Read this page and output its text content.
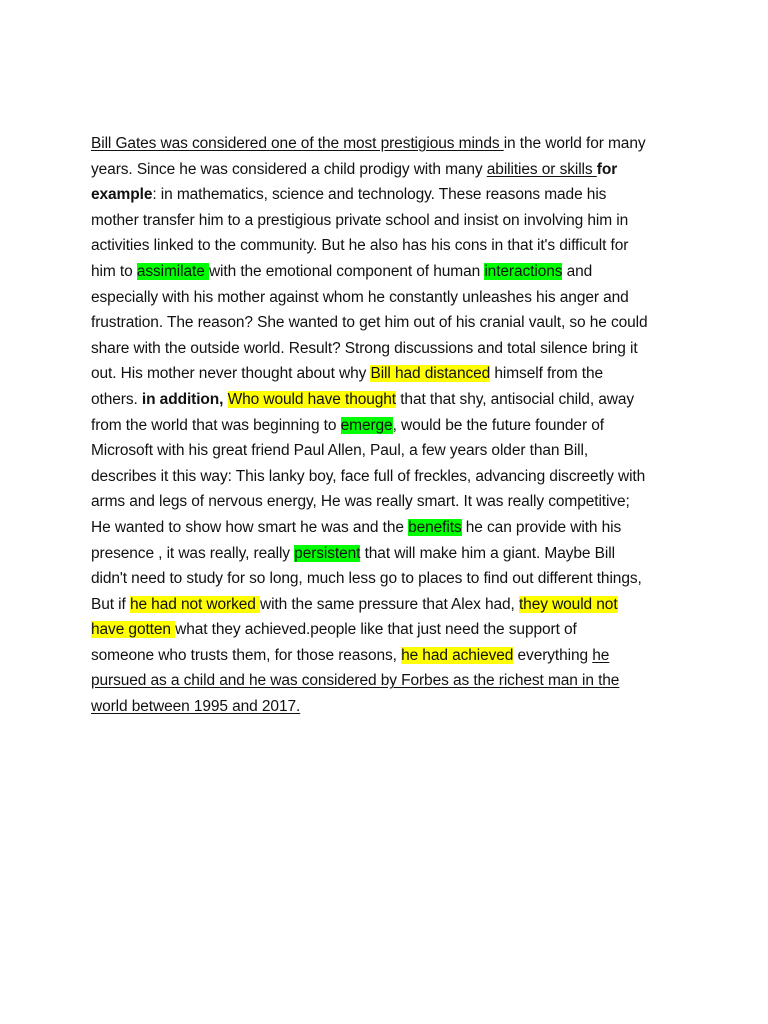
Bill Gates was considered one of the most prestigious minds in the world for many
years. Since he was considered a child prodigy with many abilities or skills for
example: in mathematics, science and technology. These reasons made his
mother transfer him to a prestigious private school and insist on involving him in
activities linked to the community. But he also has his cons in that it's difficult for
him to assimilate with the emotional component of human interactions and
especially with his mother against whom he constantly unleashes his anger and
frustration. The reason? She wanted to get him out of his cranial vault, so he could
share with the outside world. Result? Strong discussions and total silence bring it
out. His mother never thought about why Bill had distanced himself from the
others. in addition, Who would have thought that that shy, antisocial child, away
from the world that was beginning to emerge, would be the future founder of
Microsoft with his great friend Paul Allen, Paul, a few years older than Bill,
describes it this way: This lanky boy, face full of freckles, advancing discreetly with
arms and legs of nervous energy, He was really smart. It was really competitive;
He wanted to show how smart he was and the benefits he can provide with his
presence , it was really, really persistent that will make him a giant. Maybe Bill
didn't need to study for so long, much less go to places to find out different things,
But if he had not worked with the same pressure that Alex had, they would not
have gotten what they achieved.people like that just need the support of
someone who trusts them, for those reasons, he had achieved everything he
pursued as a child and he was considered by Forbes as the richest man in the
world between 1995 and 2017.
